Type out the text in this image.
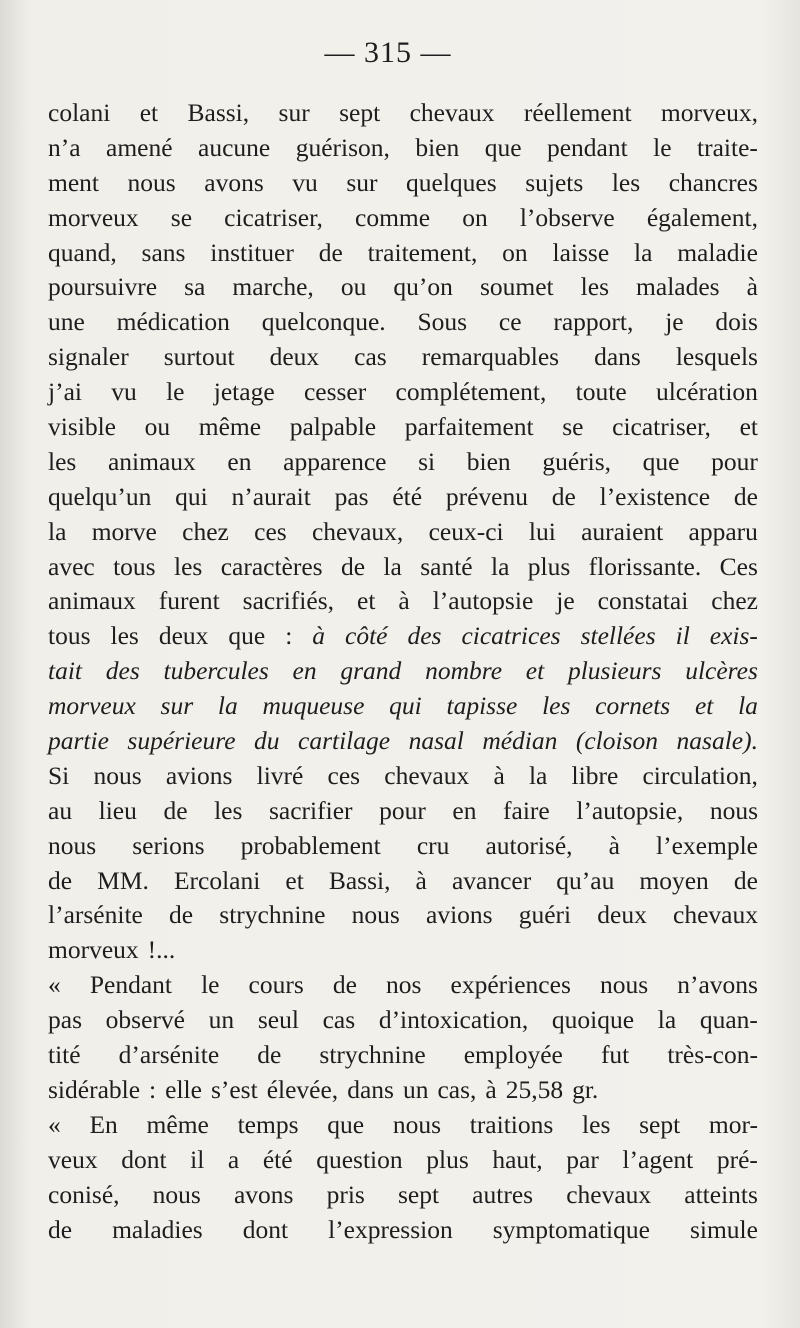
— 315 —
colani et Bassi, sur sept chevaux réellement morveux,
n’a amené aucune guérison, bien que pendant le traite-
ment nous avons vu sur quelques sujets les chancres
morveux se cicatriser, comme on l’observe également,
quand, sans instituer de traitement, on laisse la maladie
poursuivre sa marche, ou qu’on soumet les malades à
une médication quelconque. Sous ce rapport, je dois
signaler surtout deux cas remarquables dans lesquels
j’ai vu le jetage cesser complétement, toute ulcération
visible ou même palpable parfaitement se cicatriser, et
les animaux en apparence si bien guéris, que pour
quelqu’un qui n’aurait pas été prévenu de l’existence de
la morve chez ces chevaux, ceux-ci lui auraient apparu
avec tous les caractères de la santé la plus florissante. Ces
animaux furent sacrifiés, et à l’autopsie je constatai chez
tous les deux que : à côté des cicatrices stellées il exis-
tait des tubercules en grand nombre et plusieurs ulcères
morveux sur la muqueuse qui tapisse les cornets et la
partie supérieure du cartilage nasal médian (cloison nasale).
Si nous avions livré ces chevaux à la libre circulation,
au lieu de les sacrifier pour en faire l’autopsie, nous
nous serions probablement cru autorisé, à l’exemple
de MM. Ercolani et Bassi, à avancer qu’au moyen de
l’arsénite de strychnine nous avions guéri deux chevaux
morveux !...
« Pendant le cours de nos expériences nous n’avons
pas observé un seul cas d’intoxication, quoique la quan-
tité d’arsénite de strychnine employée fut très-con-
sidérable : elle s’est élevée, dans un cas, à 25,58 gr.
« En même temps que nous traitions les sept mor-
veux dont il a été question plus haut, par l’agent pré-
conisé, nous avons pris sept autres chevaux atteints
de maladies dont l’expression symptomatique simule
